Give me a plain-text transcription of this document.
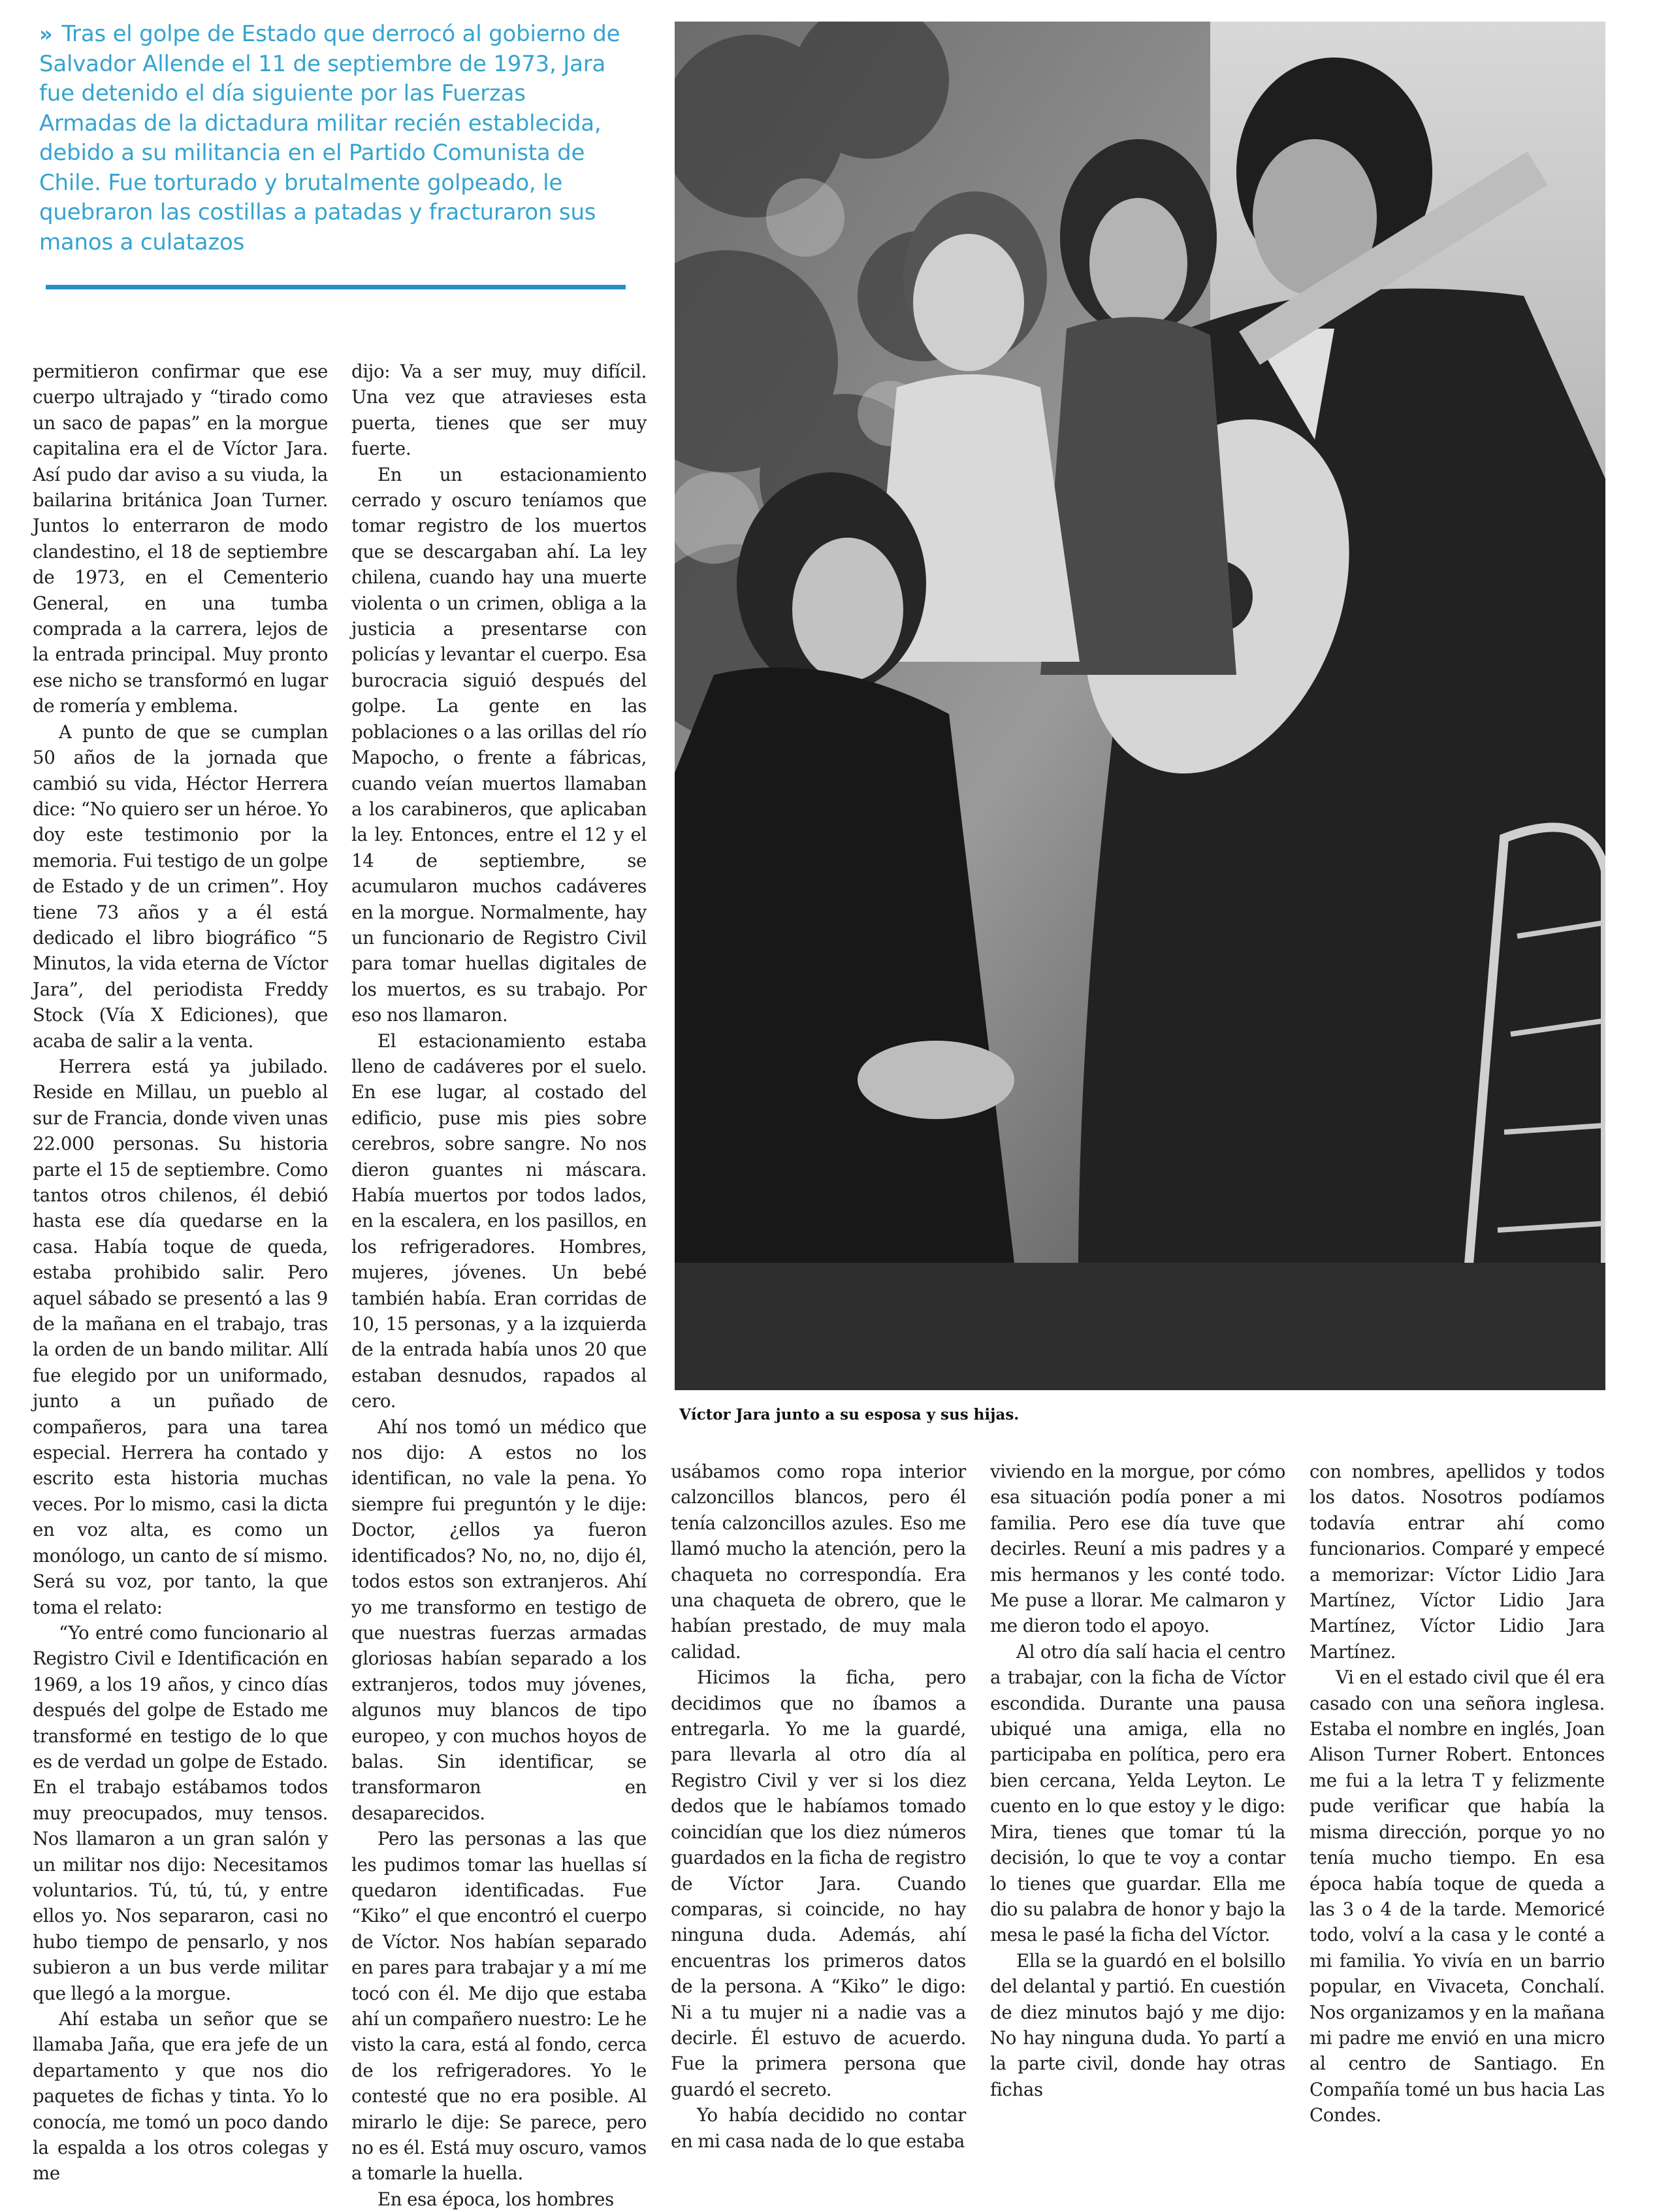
» Tras el golpe de Estado que derrocó al gobierno de Salvador Allende el 11 de septiembre de 1973, Jara fue detenido el día siguiente por las Fuerzas Armadas de la dictadura militar recién establecida, debido a su militancia en el Partido Comunista de Chile. Fue torturado y brutalmente golpeado, le quebraron las costillas a patadas y fracturaron sus manos a culatazos
Víctor Jara junto a su esposa y sus hijas.

permitieron confirmar que ese cuerpo ultrajado y “tirado como un saco de papas” en la morgue capitalina era el de Víctor Jara. Así pudo dar aviso a su viuda, la bailarina británica Joan Turner. Juntos lo enterraron de modo clandestino, el 18 de septiembre de 1973, en el Cementerio General, en una tumba comprada a la carrera, lejos de la entrada principal. Muy pronto ese nicho se transformó en lugar de romería y emblema.

A punto de que se cumplan 50 años de la jornada que cambió su vida, Héctor Herrera dice: “No quiero ser un héroe. Yo doy este testimonio por la memoria. Fui testigo de un golpe de Estado y de un crimen”. Hoy tiene 73 años y a él está dedicado el libro biográfico “5 Minutos, la vida eterna de Víctor Jara”, del periodista Freddy Stock (Vía X Ediciones), que acaba de salir a la venta.

Herrera está ya jubilado. Reside en Millau, un pueblo al sur de Francia, donde viven unas 22.000 personas. Su historia parte el 15 de septiembre. Como tantos otros chilenos, él debió hasta ese día quedarse en la casa. Había toque de queda, estaba prohibido salir. Pero aquel sábado se presentó a las 9 de la mañana en el trabajo, tras la orden de un bando militar. Allí fue elegido por un uniformado, junto a un puñado de compañeros, para una tarea especial. Herrera ha contado y escrito esta historia muchas veces. Por lo mismo, casi la dicta en voz alta, es como un monólogo, un canto de sí mismo. Será su voz, por tanto, la que toma el relato:

“Yo entré como funcionario al Registro Civil e Identificación en 1969, a los 19 años, y cinco días después del golpe de Estado me transformé en testigo de lo que es de verdad un golpe de Estado. En el trabajo estábamos todos muy preocupados, muy tensos. Nos llamaron a un gran salón y un militar nos dijo: Necesitamos voluntarios. Tú, tú, tú, y entre ellos yo. Nos separaron, casi no hubo tiempo de pensarlo, y nos subieron a un bus verde militar que llegó a la morgue.

Ahí estaba un señor que se llamaba Jaña, que era jefe de un departamento y que nos dio paquetes de fichas y tinta. Yo lo conocía, me tomó un poco dando la espalda a los otros colegas y me

dijo: Va a ser muy, muy difícil. Una vez que atravieses esta puerta, tienes que ser muy fuerte.

En un estacionamiento cerrado y oscuro teníamos que tomar registro de los muertos que se descargaban ahí. La ley chilena, cuando hay una muerte violenta o un crimen, obliga a la justicia a presentarse con policías y levantar el cuerpo. Esa burocracia siguió después del golpe. La gente en las poblaciones o a las orillas del río Mapocho, o frente a fábricas, cuando veían muertos llamaban a los carabineros, que aplicaban la ley. Entonces, entre el 12 y el 14 de septiembre, se acumularon muchos cadáveres en la morgue. Normalmente, hay un funcionario de Registro Civil para tomar huellas digitales de los muertos, es su trabajo. Por eso nos llamaron.

El estacionamiento estaba lleno de cadáveres por el suelo. En ese lugar, al costado del edificio, puse mis pies sobre cerebros, sobre sangre. No nos dieron guantes ni máscara. Había muertos por todos lados, en la escalera, en los pasillos, en los refrigeradores. Hombres, mujeres, jóvenes. Un bebé también había. Eran corridas de 10, 15 personas, y a la izquierda de la entrada había unos 20 que estaban desnudos, rapados al cero.

Ahí nos tomó un médico que nos dijo: A estos no los identifican, no vale la pena. Yo siempre fui preguntón y le dije: Doctor, ¿ellos ya fueron identificados? No, no, no, dijo él, todos estos son extranjeros. Ahí yo me transformo en testigo de que nuestras fuerzas armadas gloriosas habían separado a los extranjeros, todos muy jóvenes, algunos muy blancos de tipo europeo, y con muchos hoyos de balas. Sin identificar, se transformaron en desaparecidos.

Pero las personas a las que les pudimos tomar las huellas sí quedaron identificadas. Fue “Kiko” el que encontró el cuerpo de Víctor. Nos habían separado en pares para trabajar y a mí me tocó con él. Me dijo que estaba ahí un compañero nuestro: Le he visto la cara, está al fondo, cerca de los refrigeradores. Yo le contesté que no era posible. Al mirarlo le dije: Se parece, pero no es él. Está muy oscuro, vamos a tomarle la huella.

En esa época, los hombres

usábamos como ropa interior calzoncillos blancos, pero él tenía calzoncillos azules. Eso me llamó mucho la atención, pero la chaqueta no correspondía. Era una chaqueta de obrero, que le habían prestado, de muy mala calidad.

Hicimos la ficha, pero decidimos que no íbamos a entregarla. Yo me la guardé, para llevarla al otro día al Registro Civil y ver si los diez dedos que le habíamos tomado coincidían que los diez números guardados en la ficha de registro de Víctor Jara. Cuando comparas, si coincide, no hay ninguna duda. Además, ahí encuentras los primeros datos de la persona. A “Kiko” le digo: Ni a tu mujer ni a nadie vas a decirle. Él estuvo de acuerdo. Fue la primera persona que guardó el secreto.

Yo había decidido no contar en mi casa nada de lo que estaba

viviendo en la morgue, por cómo esa situación podía poner a mi familia. Pero ese día tuve que decirles. Reuní a mis padres y a mis hermanos y les conté todo. Me puse a llorar. Me calmaron y me dieron todo el apoyo.

Al otro día salí hacia el centro a trabajar, con la ficha de Víctor escondida. Durante una pausa ubiqué una amiga, ella no participaba en política, pero era bien cercana, Yelda Leyton. Le cuento en lo que estoy y le digo: Mira, tienes que tomar tú la decisión, lo que te voy a contar lo tienes que guardar. Ella me dio su palabra de honor y bajo la mesa le pasé la ficha del Víctor.

Ella se la guardó en el bolsillo del delantal y partió. En cuestión de diez minutos bajó y me dijo: No hay ninguna duda. Yo partí a la parte civil, donde hay otras fichas

con nombres, apellidos y todos los datos. Nosotros podíamos todavía entrar ahí como funcionarios. Comparé y empecé a memorizar: Víctor Lidio Jara Martínez, Víctor Lidio Jara Martínez, Víctor Lidio Jara Martínez.

Vi en el estado civil que él era casado con una señora inglesa. Estaba el nombre en inglés, Joan Alison Turner Robert. Entonces me fui a la letra T y felizmente pude verificar que había la misma dirección, porque yo no tenía mucho tiempo. En esa época había toque de queda a las 3 o 4 de la tarde. Memoricé todo, volví a la casa y le conté a mi familia. Yo vivía en un barrio popular, en Vivaceta, Conchalí. Nos organizamos y en la mañana mi padre me envió en una micro al centro de Santiago. En Compañía tomé un bus hacia Las Condes.
